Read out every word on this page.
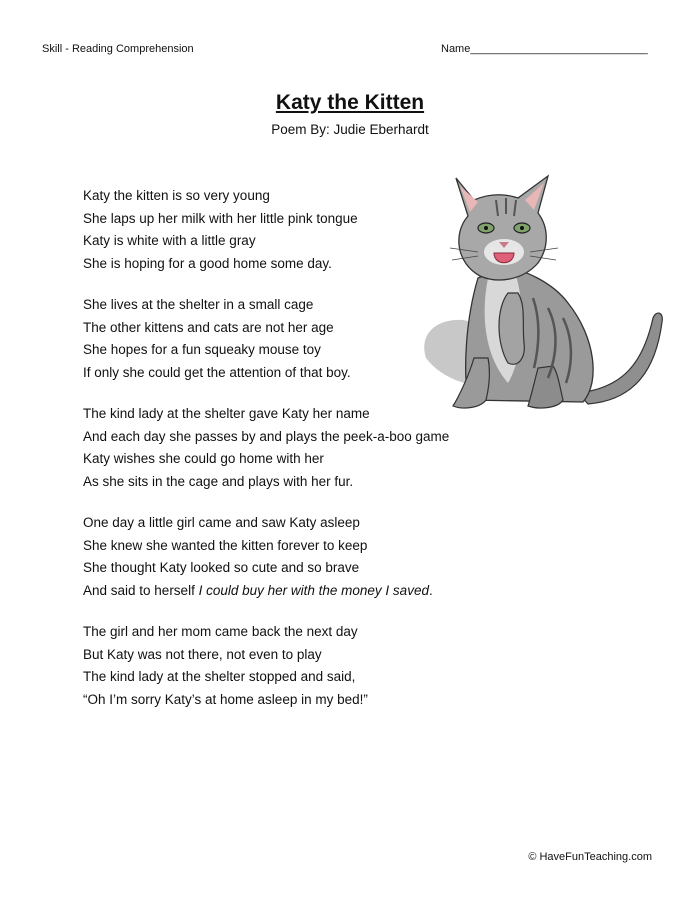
Skill - Reading Comprehension	Name_____________________________
Katy the Kitten
Poem By: Judie Eberhardt
Katy the kitten is so very young
She laps up her milk with her little pink tongue
Katy is white with a little gray
She is hoping for a good home some day.
She lives at the shelter in a small cage
The other kittens and cats are not her age
She hopes for a fun squeaky mouse toy
If only she could get the attention of that boy.
The kind lady at the shelter gave Katy her name
And each day she passes by and plays the peek-a-boo game
Katy wishes she could go home with her
As she sits in the cage and plays with her fur.
One day a little girl came and saw Katy asleep
She knew she wanted the kitten forever to keep
She thought Katy looked so cute and so brave
And said to herself I could buy her with the money I saved.
The girl and her mom came back the next day
But Katy was not there, not even to play
The kind lady at the shelter stopped and said,
“Oh I’m sorry Katy’s at home asleep in my bed!”
© HaveFunTeaching.com
